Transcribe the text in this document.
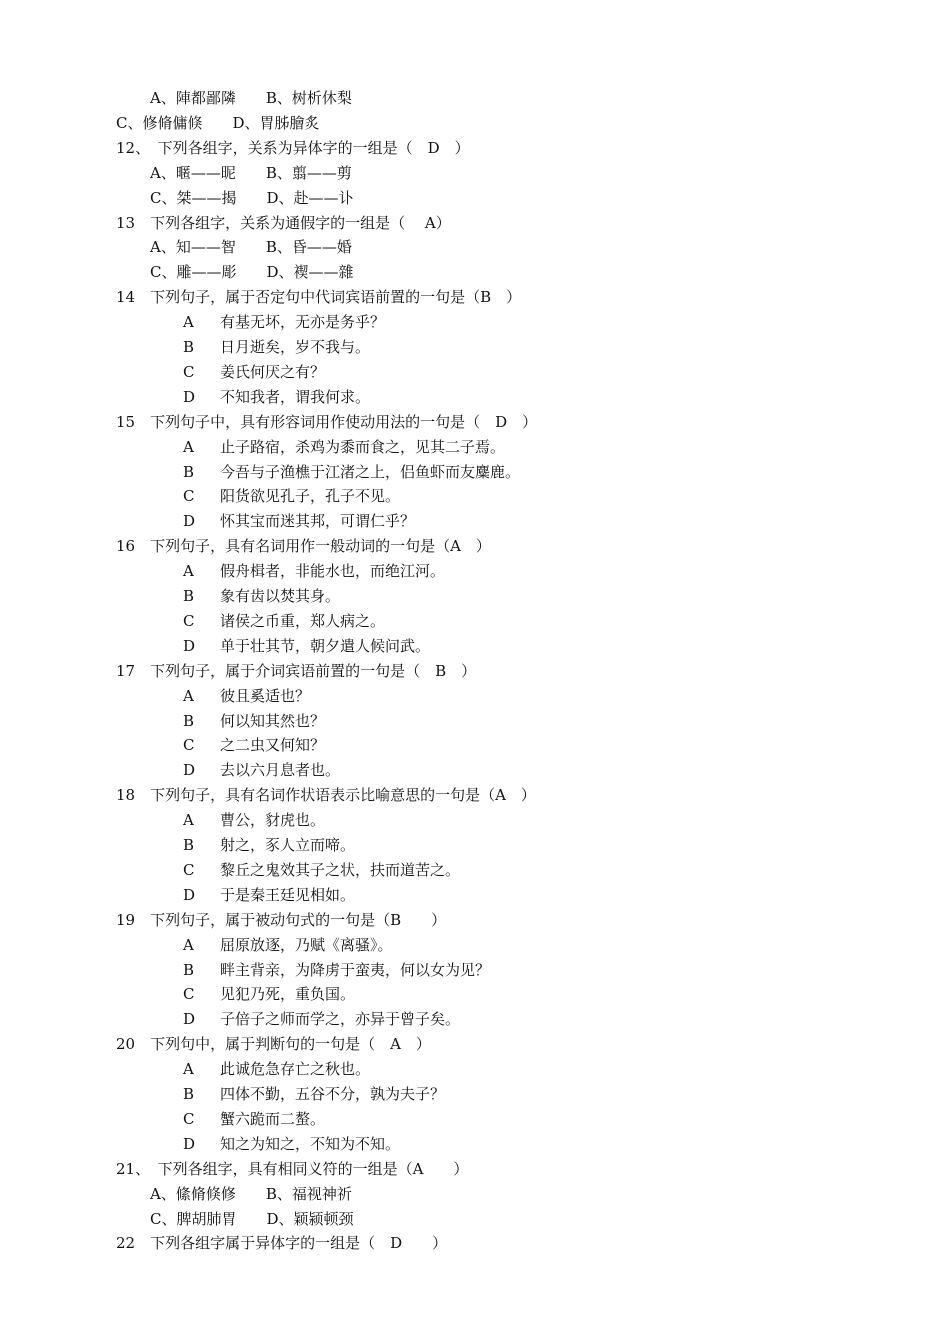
A、陣都鄙隣　　B、树析休梨
C、修脩傭倏　　D、胃胏膾炙
12、　下列各组字，关系为异体字的一组是（　D　）
A、暱——昵　　B、翦——剪
C、桀——揭　　D、赴——讣
13　下列各组字，关系为通假字的一组是（　 A）
A、知——智　　B、昏——婚
C、雕——彫　　D、褉——雜
14　下列句子，属于否定句中代词宾语前置的一句是（B　）
A 有基无坏，无亦是务乎？
B 日月逝矣，岁不我与。
C 姜氏何厌之有？
D 不知我者，谓我何求。
15　下列句子中，具有形容词用作使动用法的一句是（　D　）
A 止子路宿，杀鸡为黍而食之，见其二子焉。
B 今吾与子渔樵于江渚之上，侣鱼虾而友麋鹿。
C 阳货欲见孔子，孔子不见。
D 怀其宝而迷其邦，可谓仁乎？
16　下列句子，具有名词用作一般动词的一句是（A　）
A 假舟楫者，非能水也，而绝江河。
B 象有齿以焚其身。
C 诸侯之币重，郑人病之。
D 单于壮其节，朝夕遣人候问武。
17　下列句子，属于介词宾语前置的一句是（　B　）
A 彼且奚适也？
B 何以知其然也？
C 之二虫又何知？
D 去以六月息者也。
18　下列句子，具有名词作状语表示比喻意思的一句是（A　）
A 曹公，豺虎也。
B 射之，豕人立而啼。
C 黎丘之鬼效其子之状，扶而道苦之。
D 于是秦王廷见相如。
19　下列句子，属于被动句式的一句是（B　　）
A 屈原放逐，乃赋《离骚》。
B 畔主背亲，为降虏于蛮夷，何以女为见？
C 见犯乃死，重负国。
D 子倍子之师而学之，亦异于曾子矣。
20　下列句中，属于判断句的一句是（　A　）
A 此诚危急存亡之秋也。
B 四体不勤，五谷不分，孰为夫子？
C 蟹六跪而二螯。
D 知之为知之，不知为不知。
21、　下列各组字，具有相同义符的一组是（A　　）
A、絛脩倏修　　B、福视神祈
C、脾胡肺胃　　D、颖颍顿颈
22　下列各组字属于异体字的一组是（　D　　）
